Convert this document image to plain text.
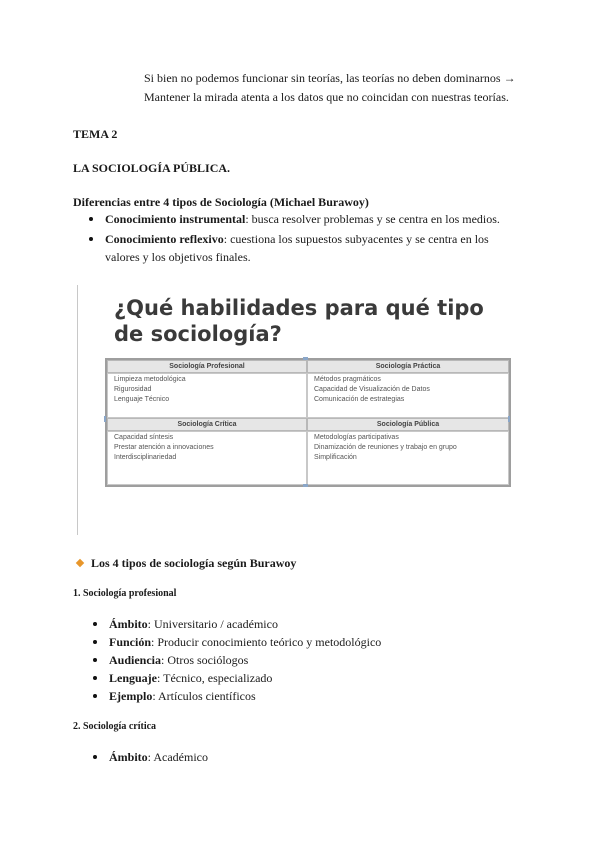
Si bien no podemos funcionar sin teorías, las teorías no deben dominarnos →
Mantener la mirada atenta a los datos que no coincidan con nuestras teorías.
TEMA 2
LA SOCIOLOGÍA PÚBLICA.
Diferencias entre 4 tipos de Sociología (Michael Burawoy)
Conocimiento instrumental: busca resolver problemas y se centra en los medios.
Conocimiento reflexivo: cuestiona los supuestos subyacentes y se centra en los
valores y los objetivos finales.
¿Qué habilidades para qué tipo de sociología?
Sociología Profesional	Sociología Práctica
Limpieza metodológica
Rigurosidad
Lenguaje Técnico
Métodos pragmáticos
Capacidad de Visualización de Datos
Comunicación de estrategias
Sociología Crítica	Sociología Pública
Capacidad síntesis
Prestar atención a innovaciones
Interdisciplinariedad
Metodologías participativas
Dinamización de reuniones y trabajo en grupo
Simplificación
Los 4 tipos de sociología según Burawoy
1. Sociología profesional
Ámbito: Universitario / académico
Función: Producir conocimiento teórico y metodológico
Audiencia: Otros sociólogos
Lenguaje: Técnico, especializado
Ejemplo: Artículos científicos
2. Sociología crítica
Ámbito: Académico
